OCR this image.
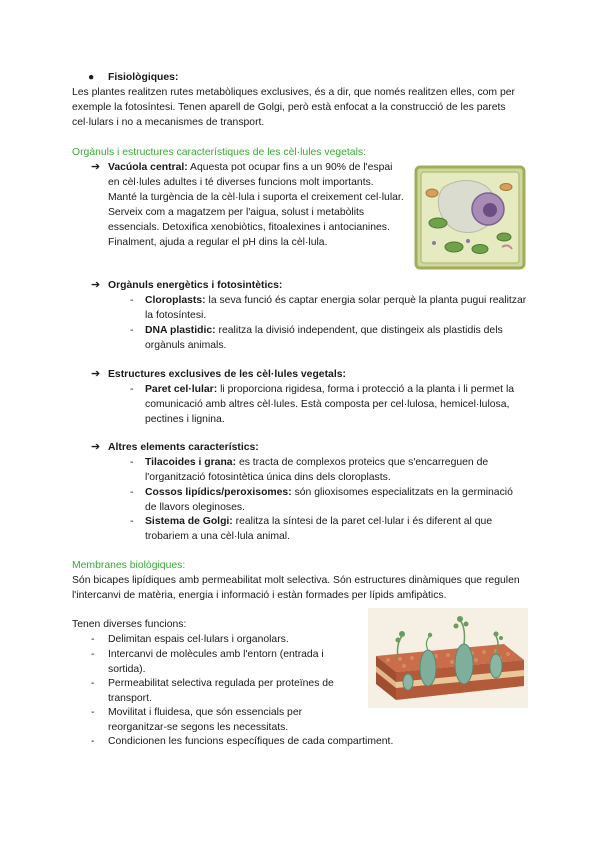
● Fisiològiques:

Les plantes realitzen rutes metabòliques exclusives, és a dir, que només realitzen elles, com per exemple la fotosíntesi. Tenen aparell de Golgi, però està enfocat a la construcció de les parets cel·lulars i no a mecanismes de transport.

Orgànuls i estructures característiques de les cèl·lules vegetals:

➔ Vacúola central: Aquesta pot ocupar fins a un 90% de l'espai en cèl·lules adultes i té diverses funcions molt importants. Manté la turgència de la cèl·lula i suporta el creixement cel·lular. Serveix com a magatzem per l'aigua, solust i metabòlits essencials. Detoxifica xenobiòtics, fitoalexines i antocianines. Finalment, ajuda a regular el pH dins la cèl·lula.

➔ Orgànuls energètics i fotosintètics:

- Cloroplasts: la seva funció és captar energia solar perquè la planta pugui realitzar la fotosíntesi.

- DNA plastidic: realitza la divisió independent, que distingeix als plastidis dels orgànuls animals.

➔ Estructures exclusives de les cèl·lules vegetals:

- Paret cel·lular: li proporciona rigidesa, forma i protecció a la planta i li permet la comunicació amb altres cèl·lules. Està composta per cel·lulosa, hemicel·lulosa, pectines i lignina.

➔ Altres elements característics:

- Tilacoides i grana: es tracta de complexos proteics que s'encarreguen de l'organització fotosintètica única dins dels cloroplasts.

- Cossos lipídics/peroxisomes: són glioxisomes especialitzats en la germinació de llavors oleginoses.

- Sistema de Golgi: realitza la síntesi de la paret cel·lular i és diferent al que trobariem a una cèl·lula animal.

Membranes biològiques:

Són bicapes lipídiques amb permeabilitat molt selectiva. Són estructures dinàmiques que regulen l'intercanvi de matèria, energia i informació i estàn formades per lípids amfipàtics.

Tenen diverses funcions:

- Delimitan espais cel·lulars i organolars.

- Intercanvi de molècules amb l'entorn (entrada i sortida).

- Permeabilitat selectiva regulada per proteïnes de transport.

- Movilitat i fluidesa, que són essencials per reorganitzar-se segons les necessitats.

- Condicionen les funcions específiques de cada compartiment.
